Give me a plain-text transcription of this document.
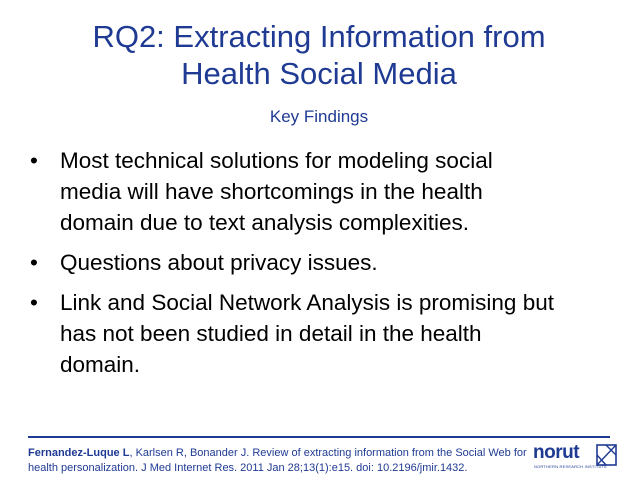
RQ2: Extracting Information from
Health Social Media
Key Findings
• Most technical solutions for modeling social
media will have shortcomings in the health
domain due to text analysis complexities.
• Questions about privacy issues.
• Link and Social Network Analysis is promising but
has not been studied in detail in the health
domain.
Fernandez-Luque L, Karlsen R, Bonander J. Review of extracting information from the Social Web for
health personalization. J Med Internet Res. 2011 Jan 28;13(1):e15. doi: 10.2196/jmir.1432.
norut
NORTHERN RESEARCH INSTITUTE
